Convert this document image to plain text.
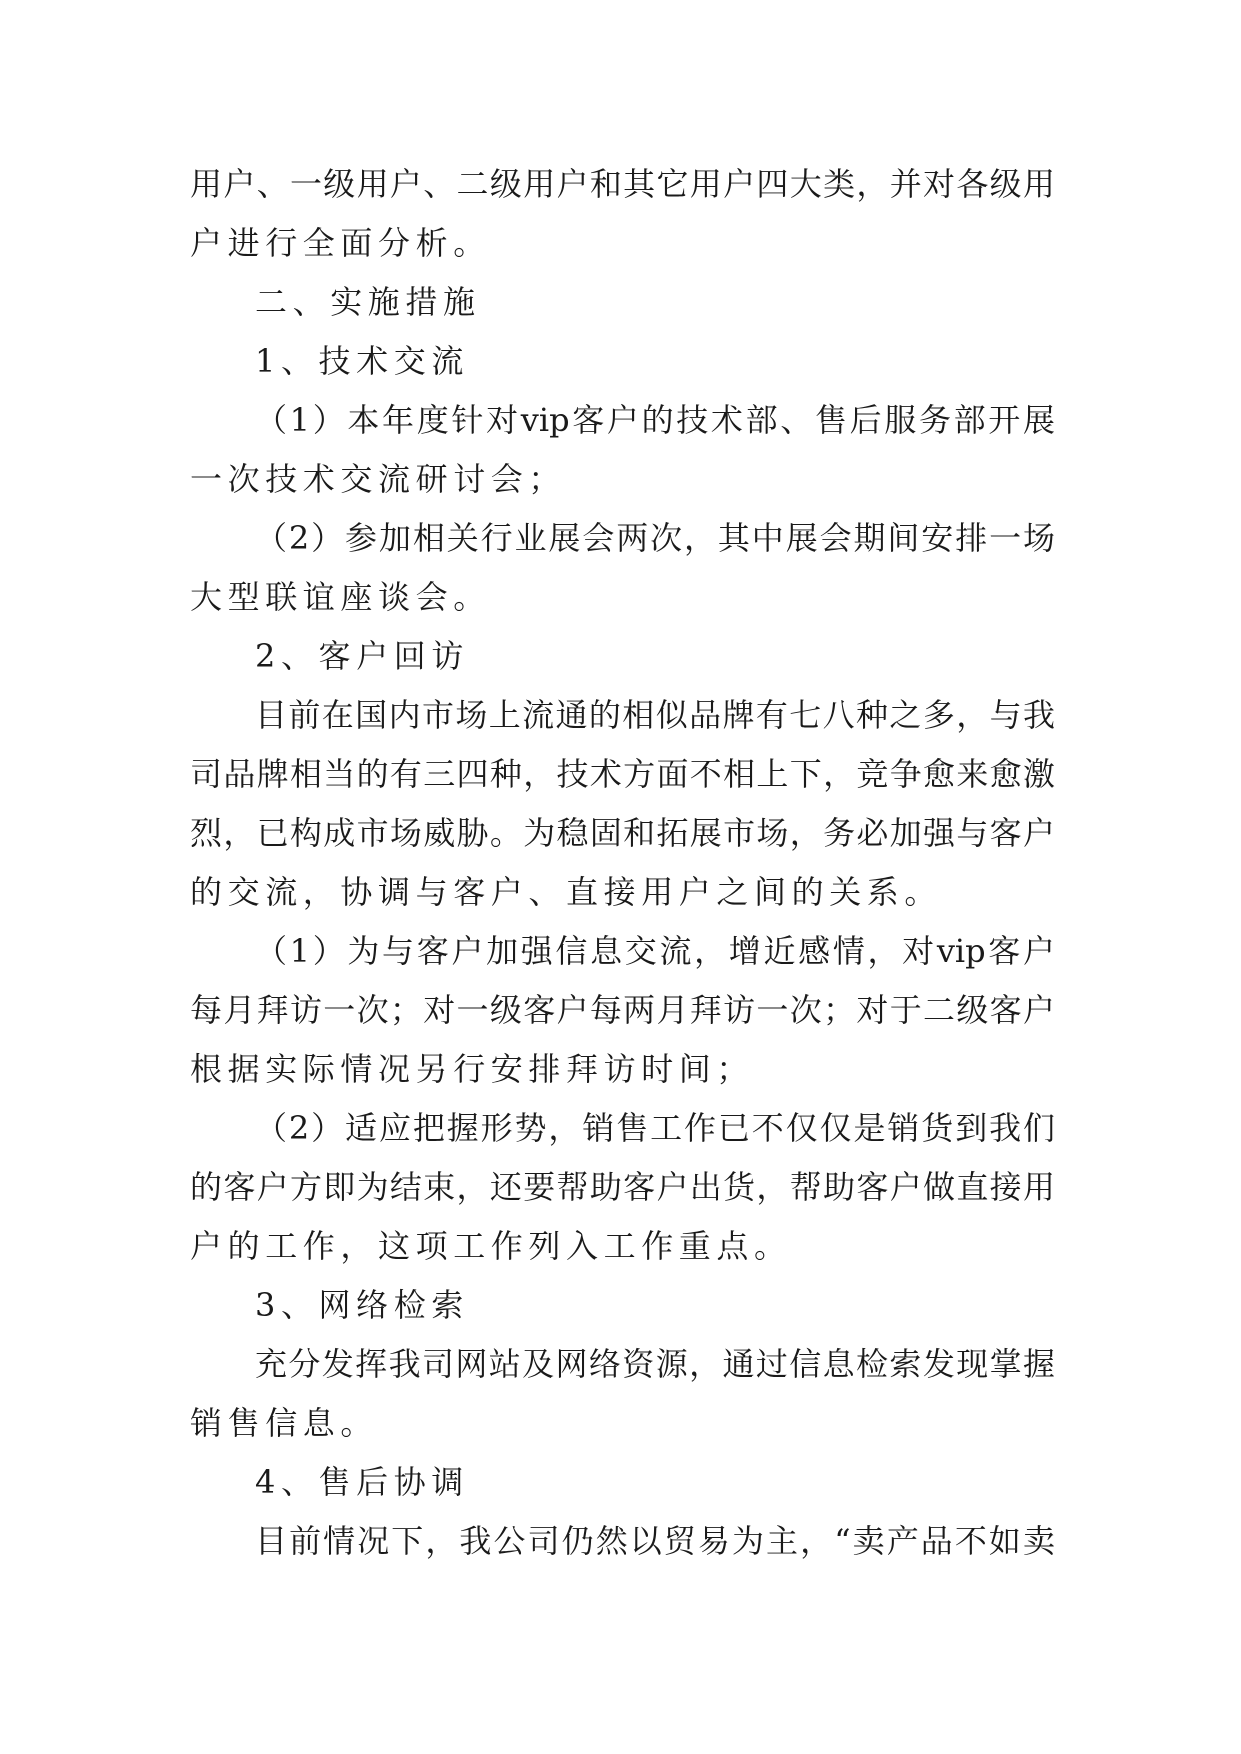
用户、一级用户、二级用户和其它用户四大类，并对各级用
户进行全面分析。
二、实施措施
1、技术交流
（1）本年度针对vip客户的技术部、售后服务部开展
一次技术交流研讨会；
（2）参加相关行业展会两次，其中展会期间安排一场
大型联谊座谈会。
2、客户回访
目前在国内市场上流通的相似品牌有七八种之多，与我
司品牌相当的有三四种，技术方面不相上下，竞争愈来愈激
烈，已构成市场威胁。为稳固和拓展市场，务必加强与客户
的交流，协调与客户、直接用户之间的关系。
（1）为与客户加强信息交流，增近感情，对vip客户
每月拜访一次；对一级客户每两月拜访一次；对于二级客户
根据实际情况另行安排拜访时间；
（2）适应把握形势，销售工作已不仅仅是销货到我们
的客户方即为结束，还要帮助客户出货，帮助客户做直接用
户的工作，这项工作列入工作重点。
3、网络检索
充分发挥我司网站及网络资源，通过信息检索发现掌握
销售信息。
4、售后协调
目前情况下，我公司仍然以贸易为主，“卖产品不如卖
